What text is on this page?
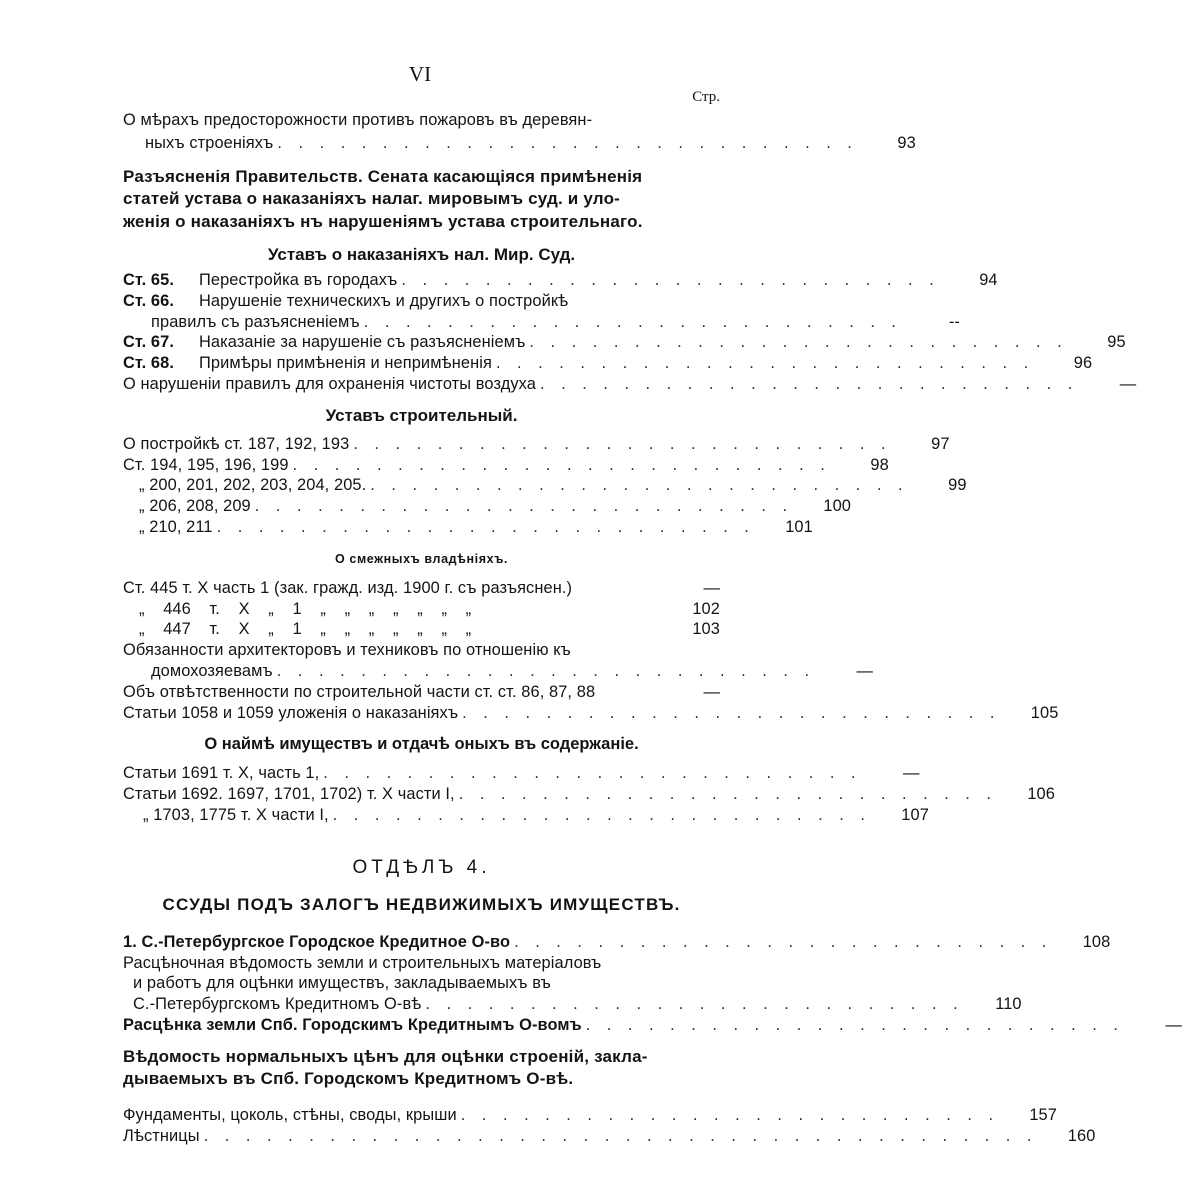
VI
Стр.
О мѣрахъ предосторожности противъ пожаровъ въ деревян-
ныхъ строеніяхъ . . . . . . . . . . . . . . . . . . . . . . . . . . . .	93
Разъясненія Правительств. Сената касающіяся примѣненія
статей устава о наказаніяхъ налаг. мировымъ суд. и уло-
женія о наказаніяхъ нъ нарушеніямъ устава строительнаго.
Уставъ о наказаніяхъ нал. Мир. Суд.
Ст. 65. Перестройка въ городахъ . . . . . . . . . . . . . . . . . . . . . . . . . .	94
Ст. 66. Нарушеніе техническихъ и другихъ о постройкѣ
правилъ съ разъясненіемъ . . . . . . . . . . . . . . . . . . . . . . . . . .	--
Ст. 67. Наказаніе за нарушеніе съ разъясненіемъ . . . . . . . . . . . . . . . . . . . . . . . . . .	95
Ст. 68. Примѣры примѣненія и непримѣненія . . . . . . . . . . . . . . . . . . . . . . . . . .	96
О нарушеніи правилъ для охраненія чистоты воздуха . . . . . . . . . . . . . . . . . . . . . . . . . .	—
Уставъ строительный.
О постройкѣ ст. 187, 192, 193 . . . . . . . . . . . . . . . . . . . . . . . . . .	97
Ст. 194, 195, 196, 199 . . . . . . . . . . . . . . . . . . . . . . . . . .	98
„ 200, 201, 202, 203, 204, 205. . . . . . . . . . . . . . . . . . . . . . . . . . .	99
„ 206, 208, 209 . . . . . . . . . . . . . . . . . . . . . . . . . .	100
„ 210, 211 . . . . . . . . . . . . . . . . . . . . . . . . . .	101
О смежныхъ владѣніяхъ.
Ст. 445 т. X часть 1 (зак. гражд. изд. 1900 г. съ разъяснен.)	—
„ 446 т. X „ 1 „ „ „ „ „ „ „	102
„ 447 т. X „ 1 „ „ „ „ „ „ „	103
Обязанности архитекторовъ и техниковъ по отношенію къ
домохозяевамъ . . . . . . . . . . . . . . . . . . . . . . . . . .	—
Объ отвѣтственности по строительной части ст. ст. 86, 87, 88	—
Статьи 1058 и 1059 уложенія о наказаніяхъ . . . . . . . . . . . . . . . . . . . . . . . . . .	105
О наймѣ имуществъ и отдачѣ оныхъ въ содержаніе.
Статьи 1691 т. X, часть 1, . . . . . . . . . . . . . . . . . . . . . . . . . .	—
Статьи 1692. 1697, 1701, 1702) т. X части I, . . . . . . . . . . . . . . . . . . . . . . . . . .	106
„ 1703, 1775 т. X части I, . . . . . . . . . . . . . . . . . . . . . . . . . .	107
ОТДѢЛЪ 4.
ССУДЫ ПОДЪ ЗАЛОГЪ НЕДВИЖИМЫХЪ ИМУЩЕСТВЪ.
1. С.-Петербургское Городское Кредитное О-во . . . . . . . . . . . . . . . . . . . . . . . . . .	108
Расцѣночная вѣдомость земли и строительныхъ матеріаловъ
и работъ для оцѣнки имуществъ, закладываемыхъ въ
С.-Петербургскомъ Кредитномъ О-вѣ . . . . . . . . . . . . . . . . . . . . . . . . . .	110
Расцѣнка земли Спб. Городскимъ Кредитнымъ О-вомъ . . . . . . . . . . . . . . . . . . . . . . . . . .	—
Вѣдомость нормальныхъ цѣнъ для оцѣнки строеній, закла-
дываемыхъ въ Спб. Городскомъ Кредитномъ О-вѣ.
Фундаменты, цоколь, стѣны, своды, крыши . . . . . . . . . . . . . . . . . . . . . . . . . .	157
Лѣстницы . . . . . . . . . . . . . . . . . . . . . . . . . . . . . . . . . . . . . . . .	160
